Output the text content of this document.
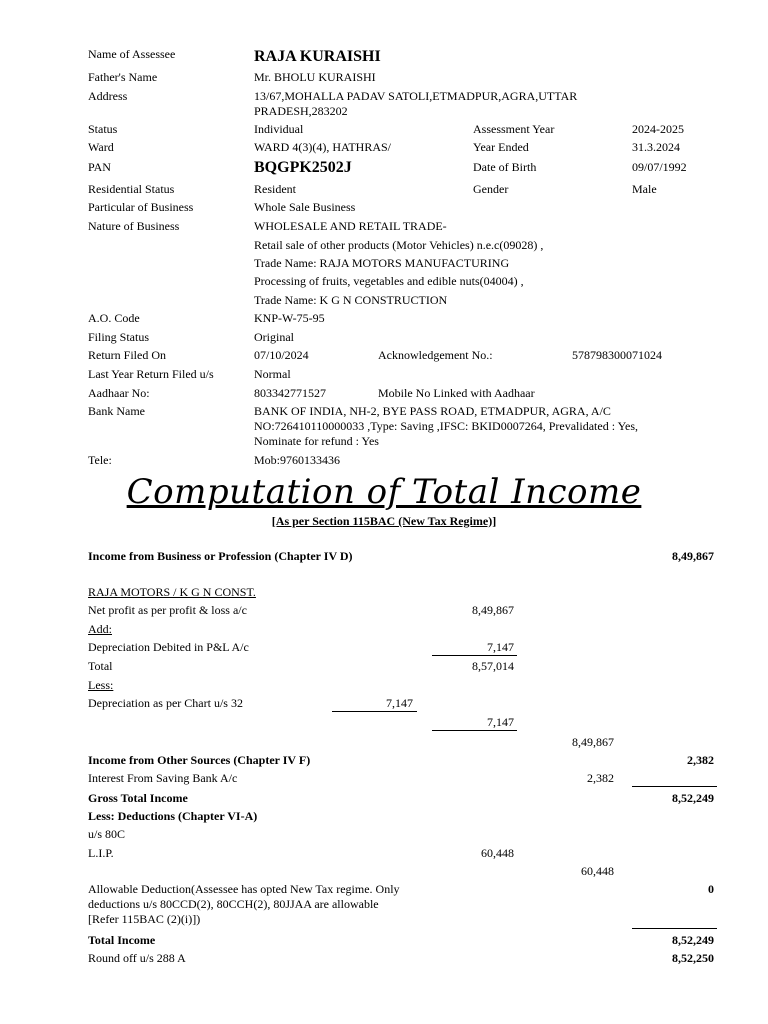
Name of Assessee	RAJA KURAISHI
Father's Name	Mr. BHOLU KURAISHI
Address	13/67,MOHALLA PADAV SATOLI,ETMADPUR,AGRA,UTTAR
PRADESH,283202
Status	Individual	Assessment Year	2024-2025
Ward	WARD 4(3)(4), HATHRAS/	Year Ended	31.3.2024
PAN	BQGPK2502J	Date of Birth	09/07/1992
Residential Status	Resident	Gender	Male
Particular of Business	Whole Sale Business
Nature of Business	WHOLESALE AND RETAIL TRADE-
Retail sale of other products (Motor Vehicles) n.e.c(09028) ,
Trade Name: RAJA MOTORS MANUFACTURING
Processing of fruits, vegetables and edible nuts(04004) ,
Trade Name: K G N CONSTRUCTION
A.O. Code	KNP-W-75-95
Filing Status	Original
Return Filed On	07/10/2024	Acknowledgement No.:	578798300071024
Last Year Return Filed u/s	Normal
Aadhaar No:	803342771527	Mobile No Linked with Aadhaar
Bank Name	BANK OF INDIA, NH-2, BYE PASS ROAD, ETMADPUR, AGRA, A/C
NO:726410110000033 ,Type: Saving ,IFSC: BKID0007264, Prevalidated : Yes,
Nominate for refund : Yes
Tele:	Mob:9760133436
Computation of Total Income
[As per Section 115BAC (New Tax Regime)]
Income from Business or Profession (Chapter IV D)	8,49,867
RAJA MOTORS / K G N CONST.
Net profit as per profit & loss a/c	8,49,867
Add:
Depreciation Debited in P&L A/c	7,147
Total	8,57,014
Less:
Depreciation as per Chart u/s 32	7,147
7,147
8,49,867
Income from Other Sources (Chapter IV F)	2,382
Interest From Saving Bank A/c	2,382
Gross Total Income	8,52,249
Less: Deductions (Chapter VI-A)
u/s 80C
L.I.P.	60,448
60,448
Allowable Deduction(Assessee has opted New Tax regime. Only
deductions u/s 80CCD(2), 80CCH(2), 80JJAA are allowable
[Refer 115BAC (2)(i)])
0
Total Income	8,52,249
Round off u/s 288 A	8,52,250
